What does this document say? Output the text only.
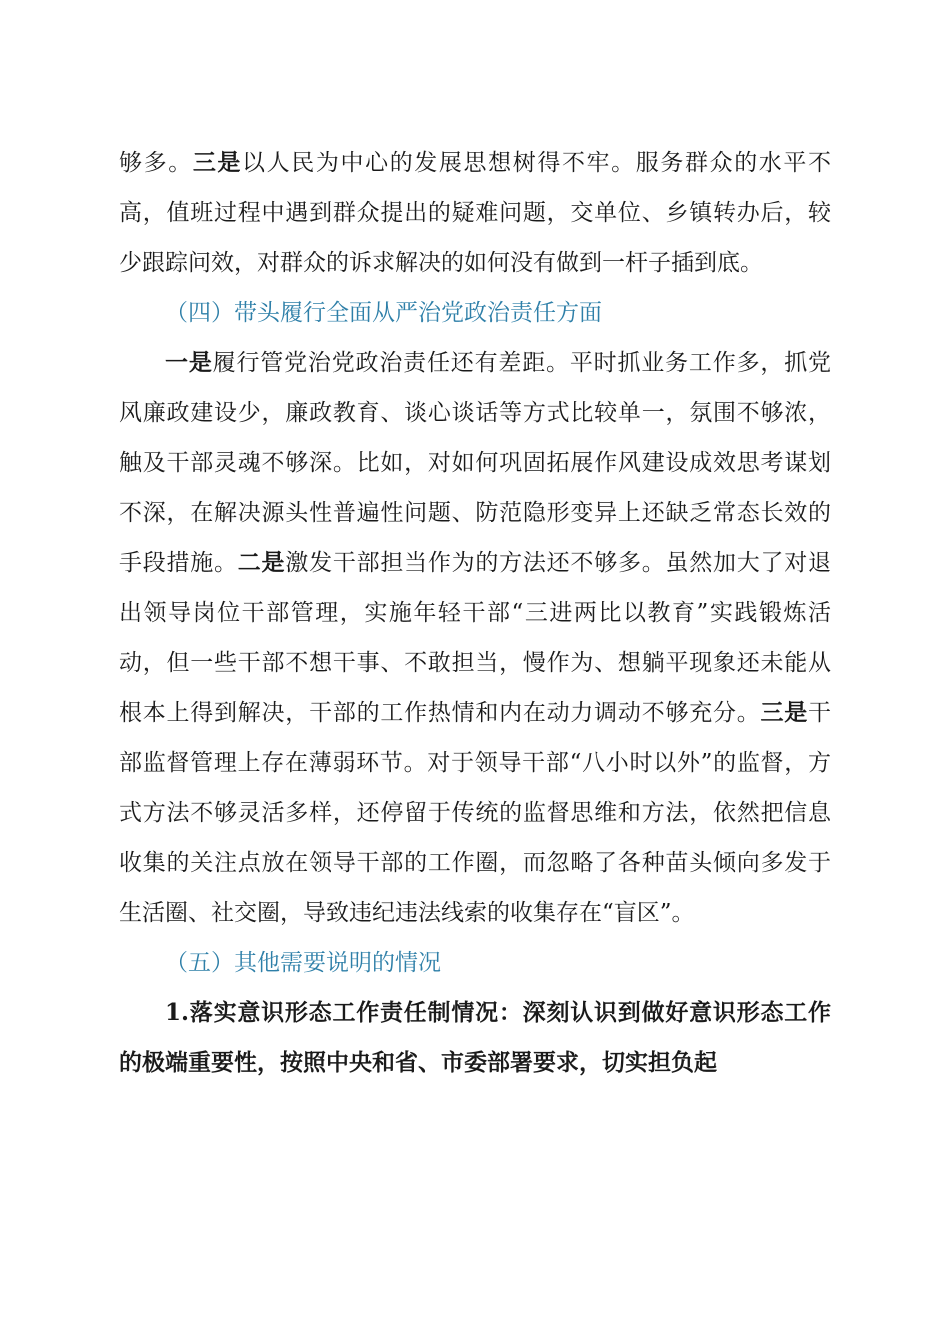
够多。三是以人民为中心的发展思想树得不牢。服务群众的水平不高，值班过程中遇到群众提出的疑难问题，交单位、乡镇转办后，较少跟踪问效，对群众的诉求解决的如何没有做到一杆子插到底。

（四）带头履行全面从严治党政治责任方面

一是履行管党治党政治责任还有差距。平时抓业务工作多，抓党风廉政建设少，廉政教育、谈心谈话等方式比较单一，氛围不够浓，触及干部灵魂不够深。比如，对如何巩固拓展作风建设成效思考谋划不深，在解决源头性普遍性问题、防范隐形变异上还缺乏常态长效的手段措施。二是激发干部担当作为的方法还不够多。虽然加大了对退出领导岗位干部管理，实施年轻干部“三进两比以教育”实践锻炼活动，但一些干部不想干事、不敢担当，慢作为、想躺平现象还未能从根本上得到解决，干部的工作热情和内在动力调动不够充分。三是干部监督管理上存在薄弱环节。对于领导干部“八小时以外”的监督，方式方法不够灵活多样，还停留于传统的监督思维和方法，依然把信息收集的关注点放在领导干部的工作圈，而忽略了各种苗头倾向多发于生活圈、社交圈，导致违纪违法线索的收集存在“盲区”。

（五）其他需要说明的情况

1.落实意识形态工作责任制情况：深刻认识到做好意识形态工作的极端重要性，按照中央和省、市委部署要求，切实担负起
